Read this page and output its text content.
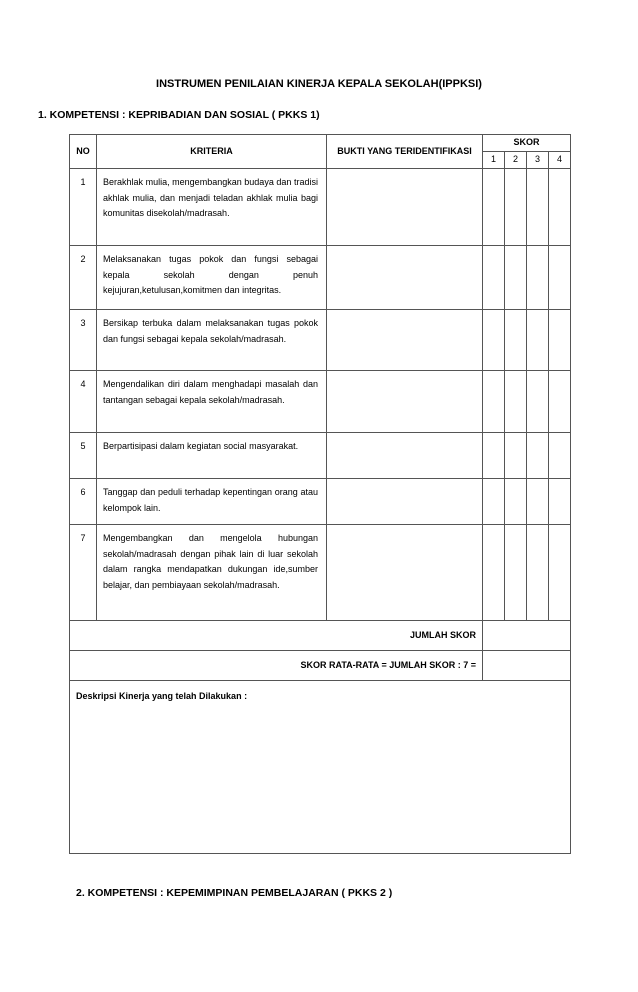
INSTRUMEN PENILAIAN KINERJA KEPALA SEKOLAH(IPPKSI)
1. KOMPETENSI : KEPRIBADIAN DAN SOSIAL ( PKKS 1)
NO	KRITERIA	BUKTI YANG TERIDENTIFIKASI	SKOR			
			1	2	3	4
1	Berakhlak mulia, mengembangkan budaya dan tradisi akhlak mulia, dan menjadi teladan akhlak mulia bagi komunitas disekolah/madrasah.					
2	Melaksanakan tugas pokok dan fungsi sebagai kepala sekolah dengan penuh kejujuran,ketulusan,komitmen dan integritas.					
3	Bersikap terbuka dalam melaksanakan tugas pokok dan fungsi sebagai kepala sekolah/madrasah.					
4	Mengendalikan diri dalam menghadapi masalah dan tantangan sebagai kepala sekolah/madrasah.					
5	Berpartisipasi dalam kegiatan social masyarakat.					
6	Tanggap dan peduli terhadap kepentingan orang atau kelompok lain.					
7	Mengembangkan dan mengelola hubungan sekolah/madrasah dengan pihak lain di luar sekolah dalam rangka mendapatkan dukungan ide,sumber belajar, dan pembiayaan sekolah/madrasah.					
JUMLAH SKOR						
SKOR RATA-RATA = JUMLAH SKOR : 7 =						
Deskripsi Kinerja yang telah Dilakukan :						
2. KOMPETENSI : KEPEMIMPINAN PEMBELAJARAN ( PKKS 2 )
